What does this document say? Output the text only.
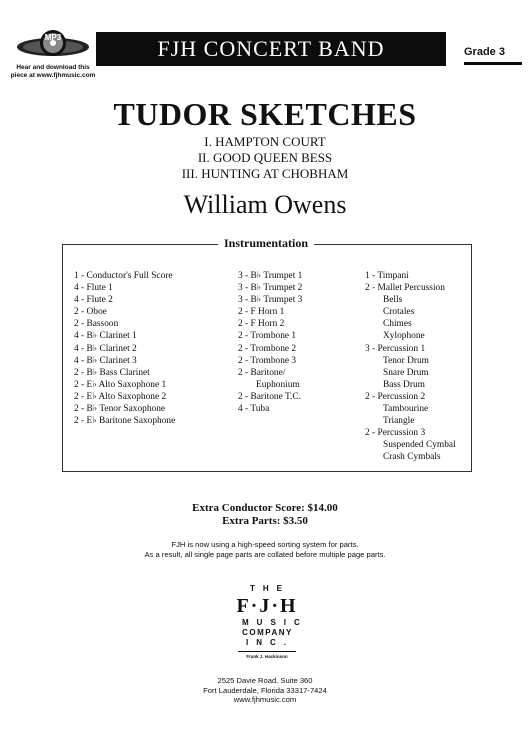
MP3
Hear and download this
piece at www.fjhmusic.com
FJH CONCERT BAND	Grade 3
TUDOR SKETCHES
I. HAMPTON COURT
II. GOOD QUEEN BESS
III. HUNTING AT CHOBHAM
William Owens
Instrumentation
1 - Conductor's Full Score
4 - Flute 1
4 - Flute 2
2 - Oboe
2 - Bassoon
4 - B♭ Clarinet 1
4 - B♭ Clarinet 2
4 - B♭ Clarinet 3
2 - B♭ Bass Clarinet
2 - E♭ Alto Saxophone 1
2 - E♭ Alto Saxophone 2
2 - B♭ Tenor Saxophone
2 - E♭ Baritone Saxophone
3 - B♭ Trumpet 1
3 - B♭ Trumpet 2
3 - B♭ Trumpet 3
2 - F Horn 1
2 - F Horn 2
2 - Trombone 1
2 - Trombone 2
2 - Trombone 3
2 - Baritone/
Euphonium
2 - Baritone T.C.
4 - Tuba
1 - Timpani
2 - Mallet Percussion
Bells
Crotales
Chimes
Xylophone
3 - Percussion 1
Tenor Drum
Snare Drum
Bass Drum
2 - Percussion 2
Tambourine
Triangle
2 - Percussion 3
Suspended Cymbal
Crash Cymbals
Extra Conductor Score: $14.00
Extra Parts: $3.50
FJH is now using a high-speed sorting system for parts.
As a result, all single page parts are collated before multiple page parts.
THE
F·J·H
MUSIC
COMPANY
INC.
Frank J. Hackinson
2525 Davie Road, Suite 360
Fort Lauderdale, Florida 33317-7424
www.fjhmusic.com
